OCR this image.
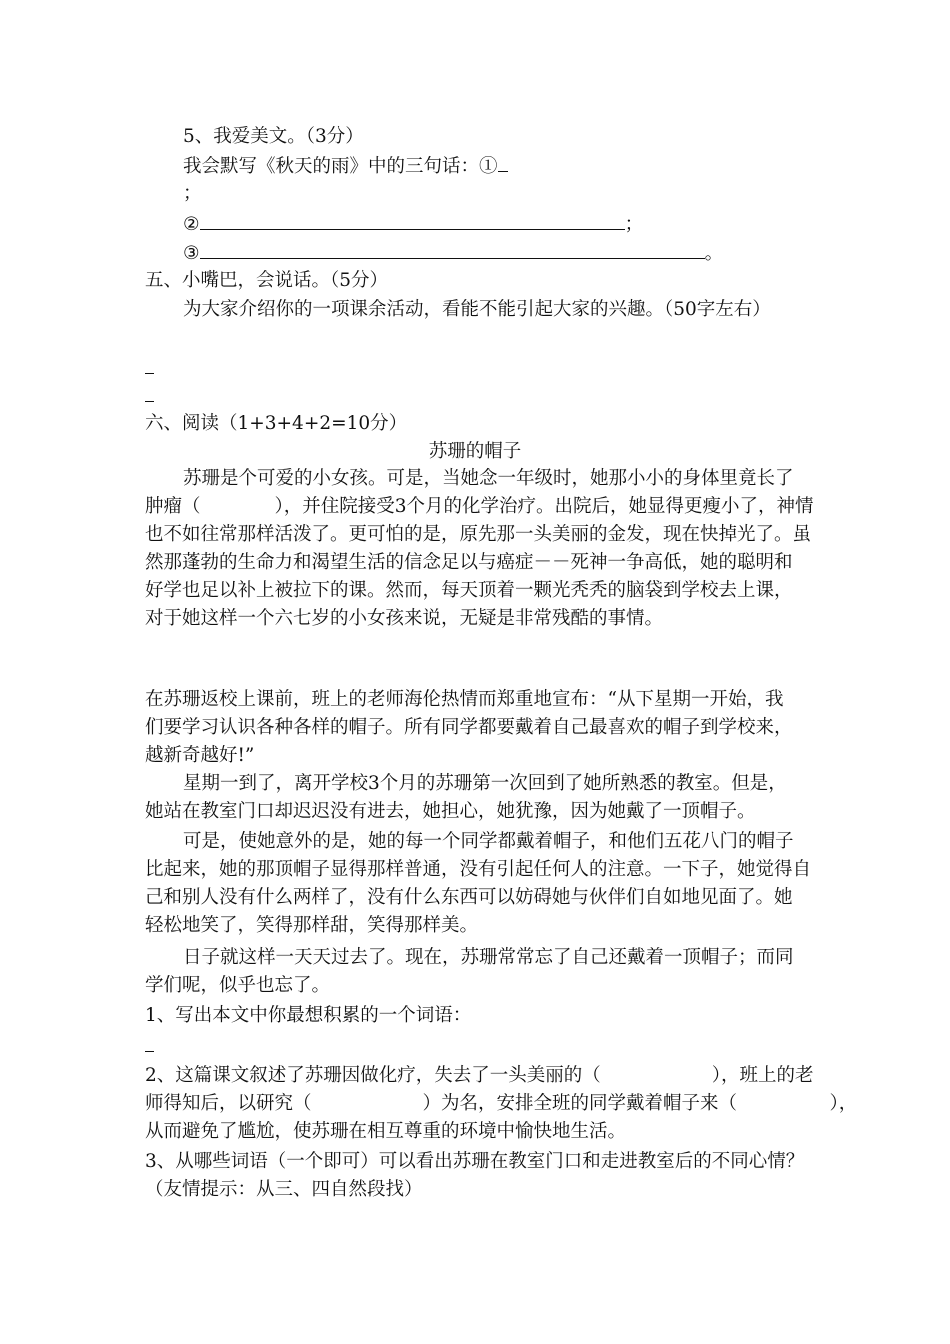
5、我爱美文。（3分）
我会默写《秋天的雨》中的三句话：①
；
②	；
③	。
五、小嘴巴，会说话。（5分）
为大家介绍你的一项课余活动，看能不能引起大家的兴趣。（50字左右）
六、阅读（1+3+4+2=10分）
苏珊的帽子
苏珊是个可爱的小女孩。可是，当她念一年级时，她那小小的身体里竟长了
肿瘤（　　　　），并住院接受3个月的化学治疗。出院后，她显得更瘦小了，神情
也不如往常那样活泼了。更可怕的是，原先那一头美丽的金发，现在快掉光了。虽
然那蓬勃的生命力和渴望生活的信念足以与癌症－－死神一争高低，她的聪明和
好学也足以补上被拉下的课。然而，每天顶着一颗光秃秃的脑袋到学校去上课，
对于她这样一个六七岁的小女孩来说，无疑是非常残酷的事情。
在苏珊返校上课前，班上的老师海伦热情而郑重地宣布：“从下星期一开始，我
们要学习认识各种各样的帽子。所有同学都要戴着自己最喜欢的帽子到学校来，
越新奇越好!”
星期一到了，离开学校3个月的苏珊第一次回到了她所熟悉的教室。但是，
她站在教室门口却迟迟没有进去，她担心，她犹豫，因为她戴了一顶帽子。
可是，使她意外的是，她的每一个同学都戴着帽子，和他们五花八门的帽子
比起来，她的那顶帽子显得那样普通，没有引起任何人的注意。一下子，她觉得自
己和别人没有什么两样了，没有什么东西可以妨碍她与伙伴们自如地见面了。她
轻松地笑了，笑得那样甜，笑得那样美。
日子就这样一天天过去了。现在，苏珊常常忘了自己还戴着一顶帽子；而同
学们呢，似乎也忘了。
1、写出本文中你最想积累的一个词语：
2、这篇课文叙述了苏珊因做化疗，失去了一头美丽的（　　　　　　），班上的老
师得知后，以研究（　　　　　　）为名，安排全班的同学戴着帽子来（　　　　　），
从而避免了尴尬，使苏珊在相互尊重的环境中愉快地生活。
3、从哪些词语（一个即可）可以看出苏珊在教室门口和走进教室后的不同心情？
（友情提示：从三、四自然段找）
